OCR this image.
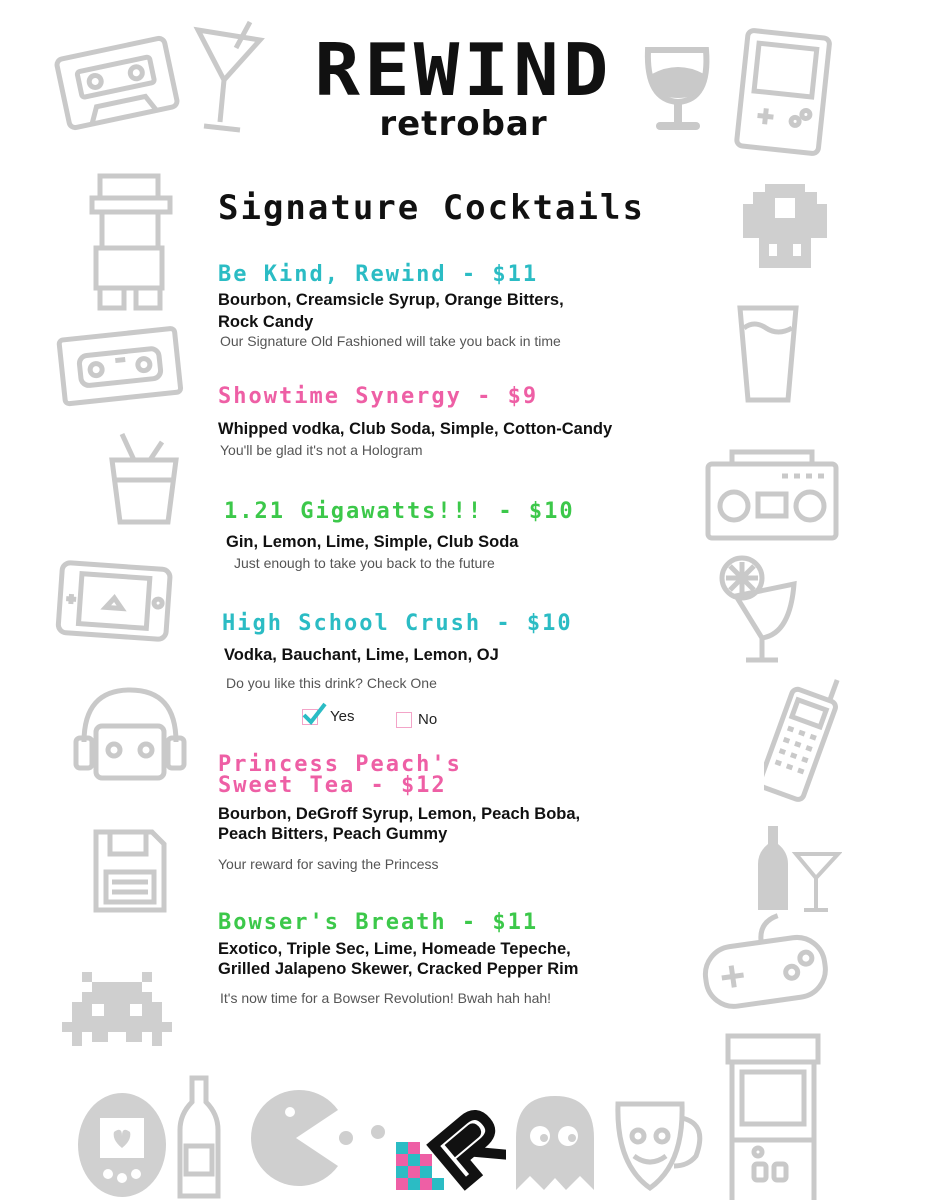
REWIND
retrobar
Signature Cocktails
Be Kind, Rewind - $11
Bourbon, Creamsicle Syrup, Orange Bitters,
Rock Candy
Our Signature Old Fashioned will take you back in time
Showtime Synergy - $9
Whipped vodka, Club Soda, Simple, Cotton-Candy
You'll be glad it's not a Hologram
1.21 Gigawatts!!! - $10
Gin, Lemon, Lime, Simple, Club Soda
Just enough to take you back to the future
High School Crush - $10
Vodka, Bauchant, Lime, Lemon, OJ
Do you like this drink? Check One
Yes	No
Princess Peach's
Sweet Tea - $12
Bourbon, DeGroff Syrup, Lemon, Peach Boba,
Peach Bitters, Peach Gummy
Your reward for saving the Princess
Bowser's Breath - $11
Exotico, Triple Sec, Lime, Homeade Tepeche,
Grilled Jalapeno Skewer, Cracked Pepper Rim
It's now time for a Bowser Revolution! Bwah hah hah!
